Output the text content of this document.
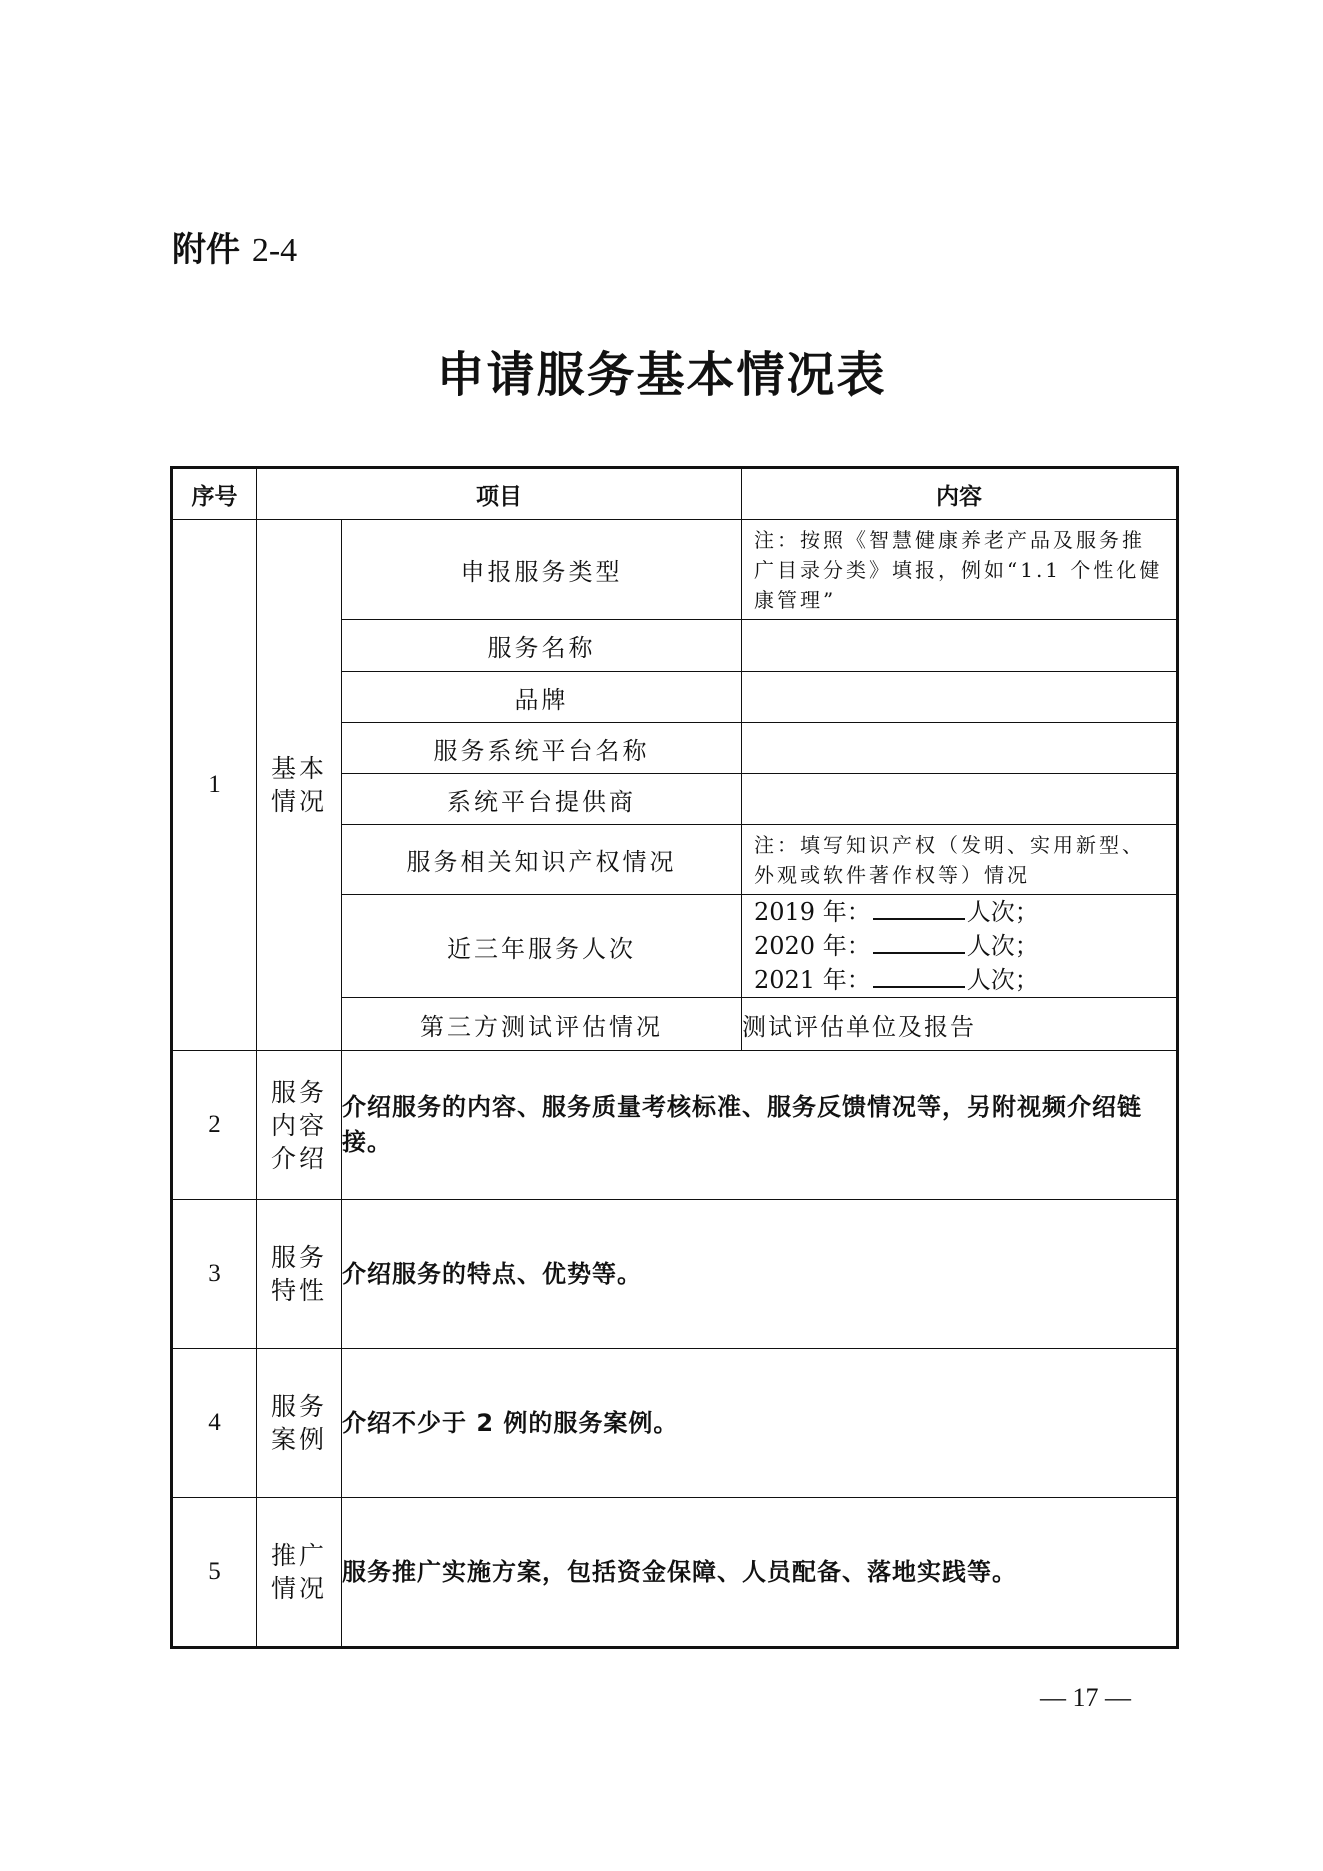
附件 2-4
申请服务基本情况表
序号	项目		内容
1	基本情况	申报服务类型	注：按照《智慧健康养老产品及服务推广目录分类》填报，例如“1.1 个性化健康管理”

		服务名称	
		品牌	
		服务系统平台名称	
		系统平台提供商	
		服务相关知识产权情况	注：填写知识产权（发明、实用新型、外观或软件著作权等）情况

		近三年服务人次	2019 年： 人次；
2020 年： 人次；
2021 年： 人次；

		第三方测试评估情况	测试评估单位及报告
2	服务内容介绍	介绍服务的内容、服务质量考核标准、服务反馈情况等，另附视频介绍链接。	
3	服务特性	介绍服务的特点、优势等。	
4	服务案例	介绍不少于 2 例的服务案例。	
5	推广情况	服务推广实施方案，包括资金保障、人员配备、落地实践等。	
— 17 —
